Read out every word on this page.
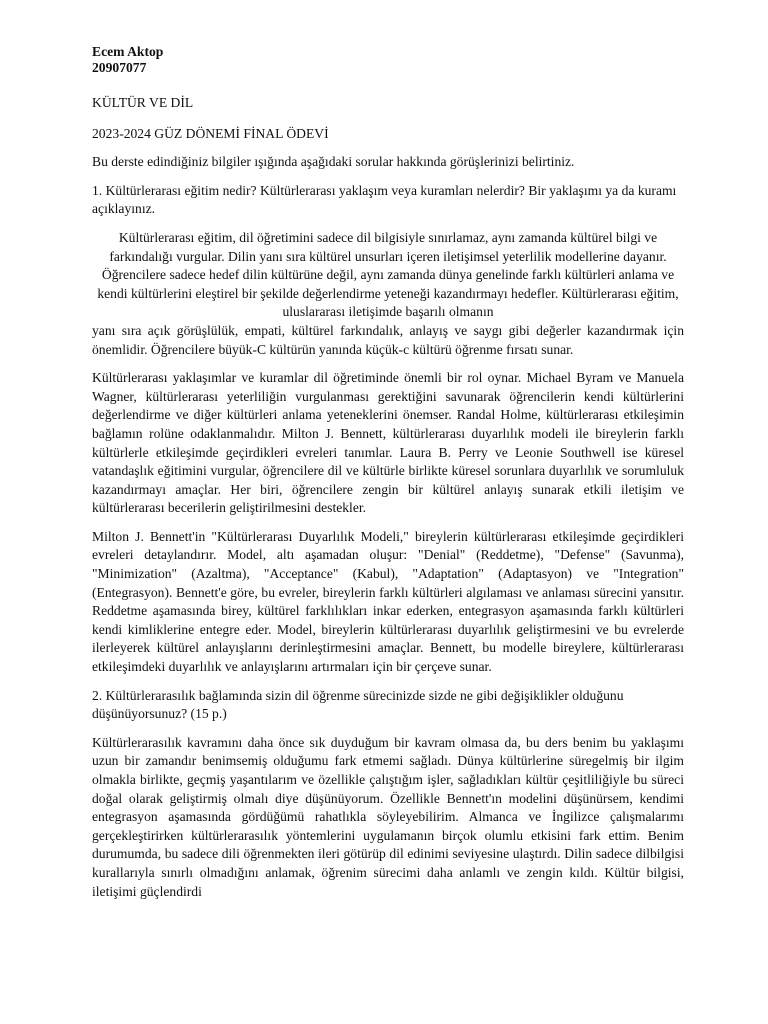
Ecem Aktop
20907077

KÜLTÜR VE DİL

2023-2024 GÜZ DÖNEMİ FİNAL ÖDEVİ

Bu derste edindiğiniz bilgiler ışığında aşağıdaki sorular hakkında görüşlerinizi belirtiniz.

1. Kültürlerarası eğitim nedir? Kültürlerarası yaklaşım veya kuramları nelerdir? Bir yaklaşımı ya da kuramı açıklayınız.

Kültürlerarası eğitim, dil öğretimini sadece dil bilgisiyle sınırlamaz, aynı zamanda kültürel bilgi ve farkındalığı vurgular. Dilin yanı sıra kültürel unsurları içeren iletişimsel yeterlilik modellerine dayanır. Öğrencilere sadece hedef dilin kültürüne değil, aynı zamanda dünya genelinde farklı kültürleri anlama ve kendi kültürlerini eleştirel bir şekilde değerlendirme yeteneği kazandırmayı hedefler. Kültürlerarası eğitim, uluslararası iletişimde başarılı olmanın
yanı sıra açık görüşlülük, empati, kültürel farkındalık, anlayış ve saygı gibi değerler kazandırmak için önemlidir. Öğrencilere büyük-C kültürün yanında küçük-c kültürü öğrenme fırsatı sunar.

Kültürlerarası yaklaşımlar ve kuramlar dil öğretiminde önemli bir rol oynar. Michael Byram ve Manuela Wagner, kültürlerarası yeterliliğin vurgulanması gerektiğini savunarak öğrencilerin kendi kültürlerini değerlendirme ve diğer kültürleri anlama yeteneklerini önemser. Randal Holme, kültürlerarası etkileşimin bağlamın rolüne odaklanmalıdır. Milton J. Bennett, kültürlerarası duyarlılık modeli ile bireylerin farklı kültürlerle etkileşimde geçirdikleri evreleri tanımlar. Laura B. Perry ve Leonie Southwell ise küresel vatandaşlık eğitimini vurgular, öğrencilere dil ve kültürle birlikte küresel sorunlara duyarlılık ve sorumluluk kazandırmayı amaçlar. Her biri, öğrencilere zengin bir kültürel anlayış sunarak etkili iletişim ve kültürlerarası becerilerin geliştirilmesini destekler.

Milton J. Bennett'in "Kültürlerarası Duyarlılık Modeli," bireylerin kültürlerarası etkileşimde geçirdikleri evreleri detaylandırır. Model, altı aşamadan oluşur: "Denial" (Reddetme), "Defense" (Savunma), "Minimization" (Azaltma), "Acceptance" (Kabul), "Adaptation" (Adaptasyon) ve "Integration" (Entegrasyon). Bennett'e göre, bu evreler, bireylerin farklı kültürleri algılaması ve anlaması sürecini yansıtır. Reddetme aşamasında birey, kültürel farklılıkları inkar ederken, entegrasyon aşamasında farklı kültürleri kendi kimliklerine entegre eder. Model, bireylerin kültürlerarası duyarlılık geliştirmesini ve bu evrelerde ilerleyerek kültürel anlayışlarını derinleştirmesini amaçlar. Bennett, bu modelle bireylere, kültürlerarası etkileşimdeki duyarlılık ve anlayışlarını artırmaları için bir çerçeve sunar.

2. Kültürlerarasılık bağlamında sizin dil öğrenme sürecinizde sizde ne gibi değişiklikler olduğunu düşünüyorsunuz? (15 p.)

Kültürlerarasılık kavramını daha önce sık duyduğum bir kavram olmasa da, bu ders benim bu yaklaşımı uzun bir zamandır benimsemiş olduğumu fark etmemi sağladı. Dünya kültürlerine süregelmiş bir ilgim olmakla birlikte, geçmiş yaşantılarım ve özellikle çalıştığım işler, sağladıkları kültür çeşitliliğiyle bu süreci doğal olarak geliştirmiş olmalı diye düşünüyorum. Özellikle Bennett'ın modelini düşünürsem, kendimi entegrasyon aşamasında gördüğümü rahatlıkla söyleyebilirim. Almanca ve İngilizce çalışmalarımı gerçekleştirirken kültürlerarasılık yöntemlerini uygulamanın birçok olumlu etkisini fark ettim. Benim durumumda, bu sadece dili öğrenmekten ileri götürüp dil edinimi seviyesine ulaştırdı. Dilin sadece dilbilgisi kurallarıyla sınırlı olmadığını anlamak, öğrenim sürecimi daha anlamlı ve zengin kıldı. Kültür bilgisi, iletişimi güçlendirdi
